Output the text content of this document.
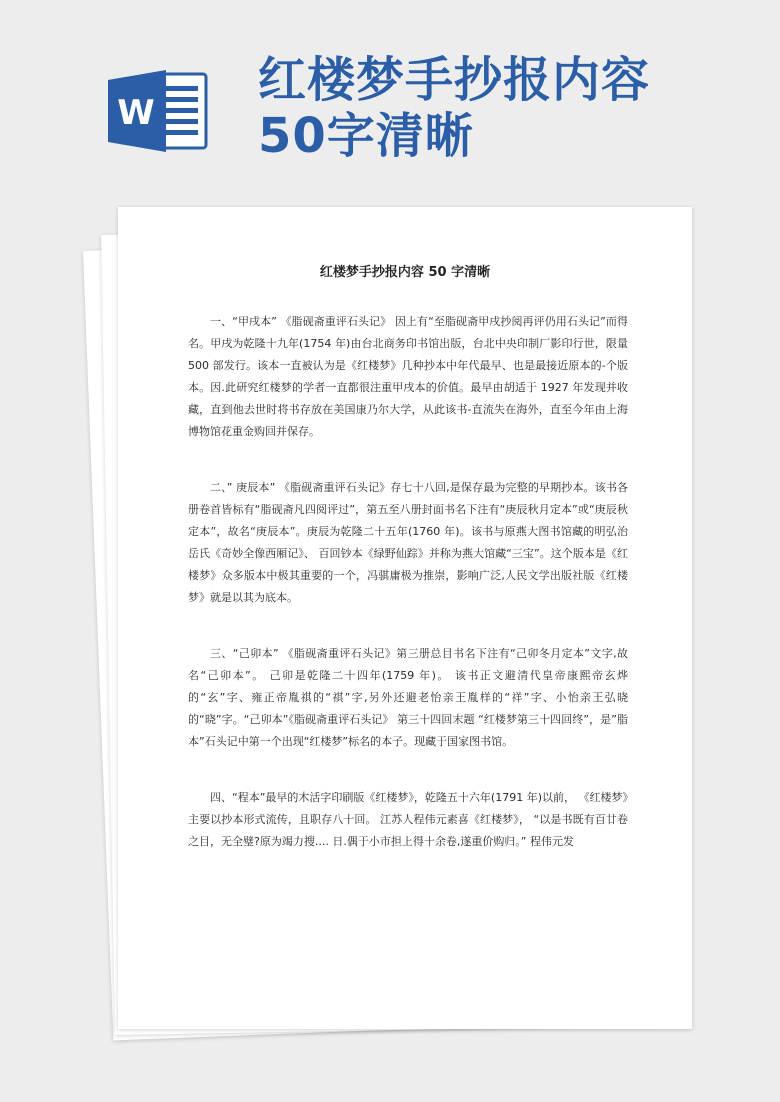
W
红楼梦手抄报内容
50字清晰
红楼梦手抄报内容 50 字清晰

一、“甲戌本” 《脂砚斋重评石头记》 因上有“至脂砚斋甲戌抄阅再评仍用石头记”而得名。甲戌为乾隆十九年(1754 年)由台北商务印书馆出版，台北中央印制厂影印行世，限量 500 部发行。该本一直被认为是《红楼梦》几种抄本中年代最早、也是最接近原本的-个版本。因.此研究红楼梦的学者一直都很注重甲戌本的价值。最早由胡适于 1927 年发现并收藏，直到他去世时将书存放在美国康乃尔大学，从此该书-直流失在海外，直至今年由上海博物馆花重金购回并保存。

二、” 庚辰本” 《脂砚斋重评石头记》存七十八回,是保存最为完整的早期抄本。该书各册卷首皆标有“脂砚斋凡四阅评过”，第五至八册封面书名下注有“庚辰秋月定本”或“庚辰秋定本”，故名“庚辰本”。庚辰为乾隆二十五年(1760 年)。该书与原燕大图书馆藏的明弘治岳氏《奇妙全像西厢记》、 百回钞本《绿野仙踪》并称为燕大馆藏“三宝”。这个版本是《红楼梦》众多版本中极其重要的一个，冯骐庸极为推崇，影响广泛,人民文学出版社版《红楼梦》就是以其为底本。

三、“己卯本” 《脂砚斋重评石头记》第三册总目书名下注有“己卯冬月定本”文字,故名“己卯本”。 己卯是乾隆二十四年(1759 年)。 该书正文避清代皇帝康熙帝玄烨的“玄”字、雍正帝胤祺的“祺”字,另外还避老怡亲王胤样的“祥”字、小怡亲王弘晓的“晓”字。“己卯本”《脂砚斋重评石头记》 第三十四回末题 “红楼梦第三十四回终”，是”脂本”石头记中第一个出现“红楼梦”标名的本子。现藏于国家图书馆。

四、“程本”最早的木活字印刷版《红楼梦》，乾隆五十六年(1791 年)以前， 《红楼梦》主要以抄本形式流传，且职存八十回。 江苏人程伟元素喜《红楼梦》， “以是书既有百廿卷之目，无全璧?原为竭力搜.... 日.偶于小市担上得十余卷,遂重价购归。” 程伟元发
